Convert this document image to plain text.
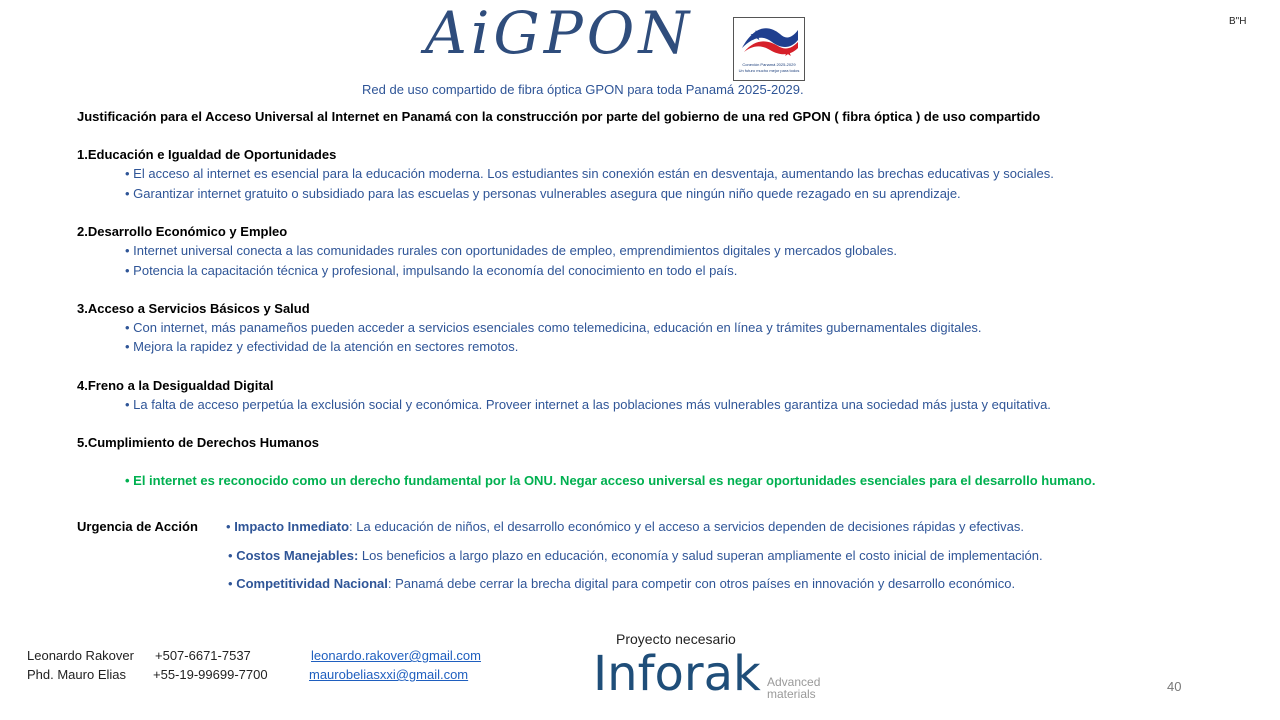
AiGPON	Conexión Panamá 2025-2029
Un futuro mucho mejor para todos
B"H
Red de uso compartido de fibra óptica GPON para toda Panamá 2025-2029.
Justificación para el Acceso Universal al Internet en Panamá con la construcción por parte del gobierno de una red GPON ( fibra óptica ) de uso compartido
1.Educación e Igualdad de Oportunidades
• El acceso al internet es esencial para la educación moderna. Los estudiantes sin conexión están en desventaja, aumentando las brechas educativas y sociales.
• Garantizar internet gratuito o subsidiado para las escuelas y personas vulnerables asegura que ningún niño quede rezagado en su aprendizaje.
2.Desarrollo Económico y Empleo
• Internet universal conecta a las comunidades rurales con oportunidades de empleo, emprendimientos digitales y mercados globales.
• Potencia la capacitación técnica y profesional, impulsando la economía del conocimiento en todo el país.
3.Acceso a Servicios Básicos y Salud
• Con internet, más panameños pueden acceder a servicios esenciales como telemedicina, educación en línea y trámites gubernamentales digitales.
• Mejora la rapidez y efectividad de la atención en sectores remotos.
4.Freno a la Desigualdad Digital
• La falta de acceso perpetúa la exclusión social y económica. Proveer internet a las poblaciones más vulnerables garantiza una sociedad más justa y equitativa.
5.Cumplimiento de Derechos Humanos
• El internet es reconocido como un derecho fundamental por la ONU. Negar acceso universal es negar oportunidades esenciales para el desarrollo humano.
Urgencia de Acción • Impacto Inmediato: La educación de niños, el desarrollo económico y el acceso a servicios dependen de decisiones rápidas y efectivas.
• Costos Manejables: Los beneficios a largo plazo en educación, economía y salud superan ampliamente el costo inicial de implementación.
• Competitividad Nacional: Panamá debe cerrar la brecha digital para competir con otros países en innovación y desarrollo económico.
Leonardo Rakover +507-6671-7537	leonardo.rakover@gmail.com
Phd. Mauro Elias +55-19-99699-7700	maurobeliasxxi@gmail.com
Proyecto necesario
Inforak Advanced
materials	40
